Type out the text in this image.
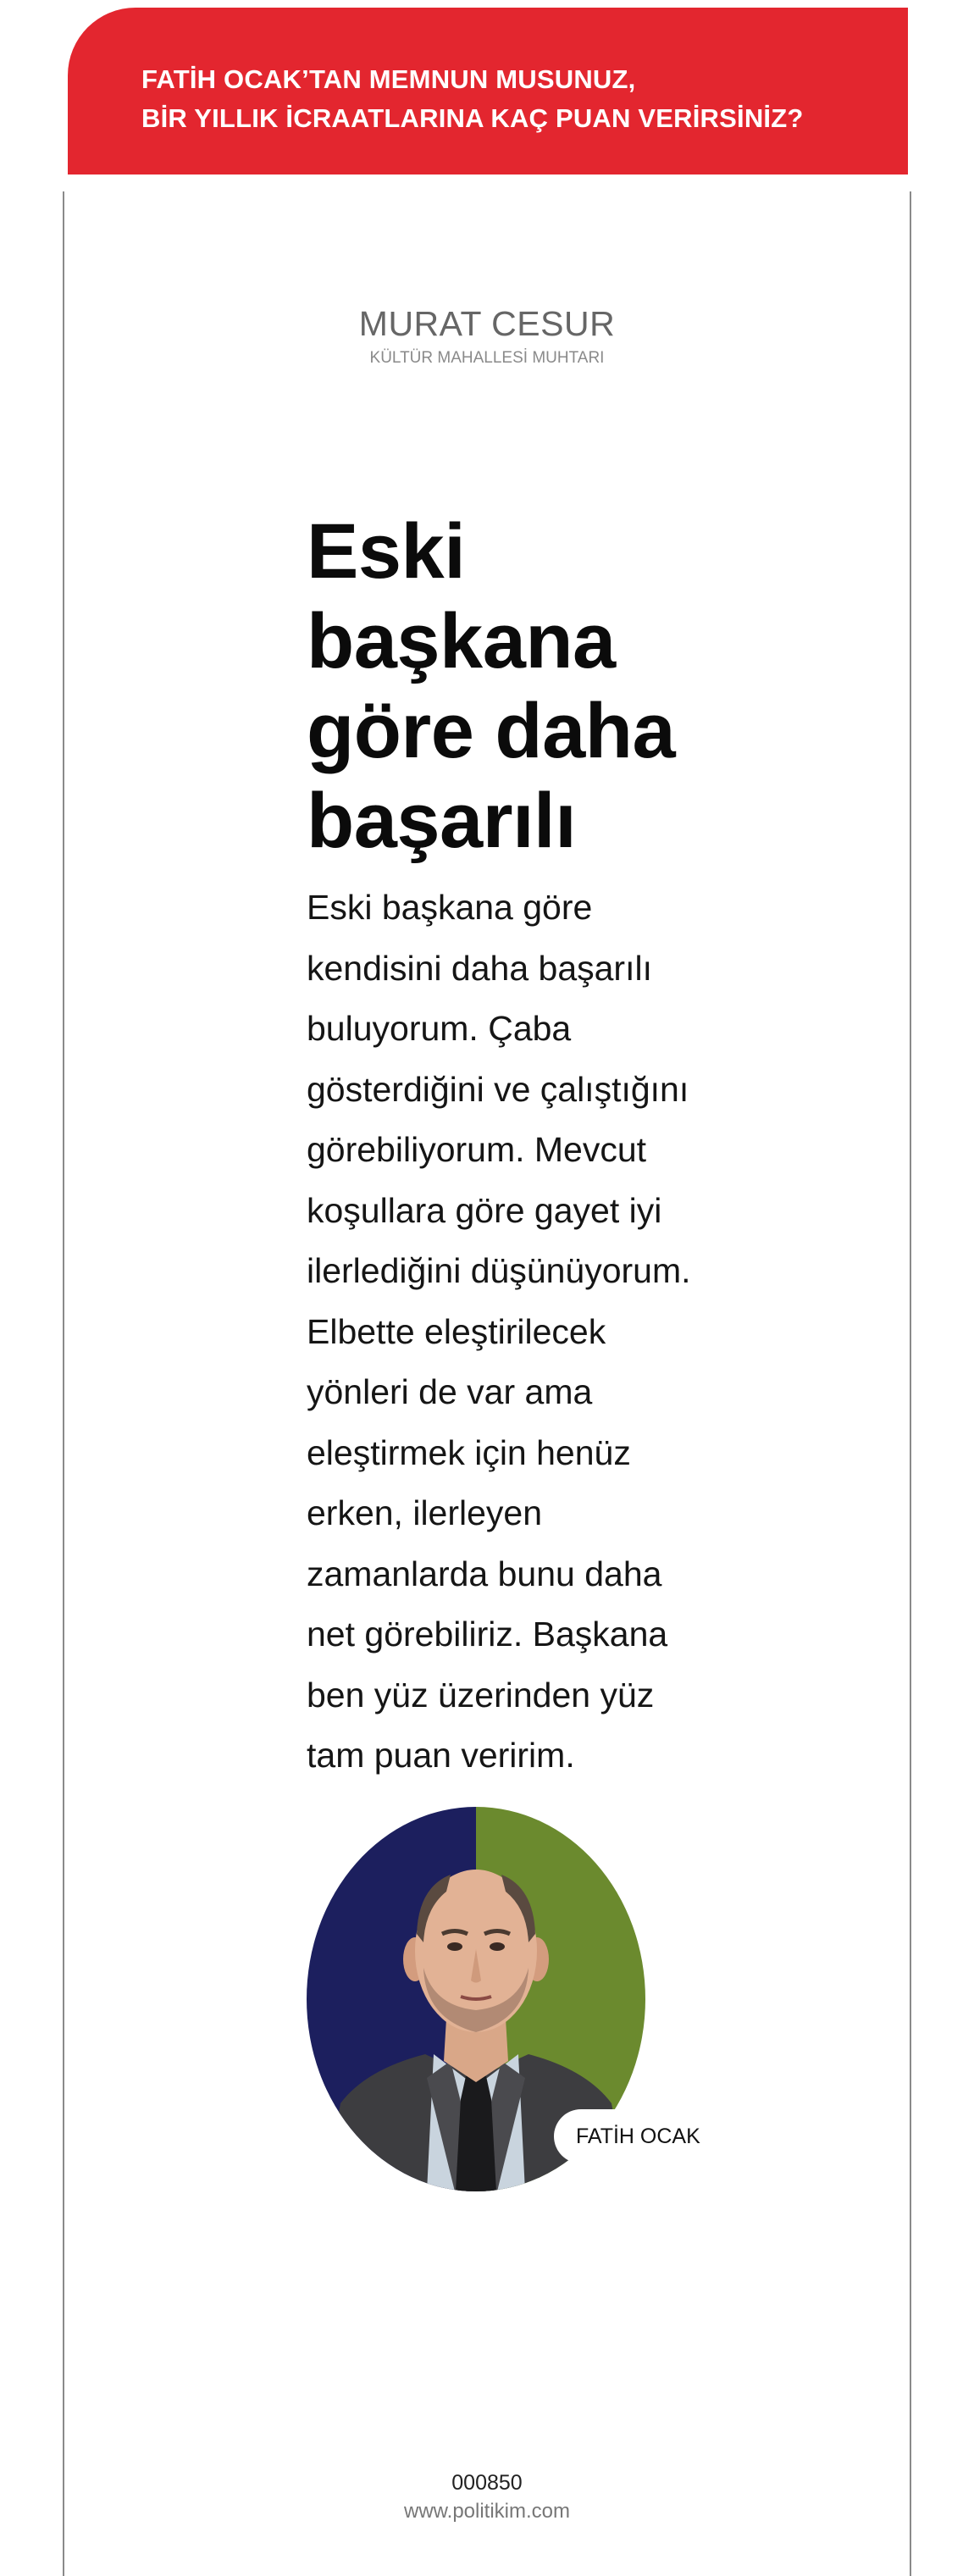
FATİH OCAK’TAN MEMNUN MUSUNUZ,
BİR YILLIK İCRAATLARINA KAÇ PUAN VERİRSİNİZ?
MURAT CESUR
KÜLTÜR MAHALLESİ MUHTARI
Eski başkana göre daha başarılı

Eski başkana göre kendisini daha başarılı buluyorum. Çaba gösterdiğini ve çalıştığını görebiliyorum. Mevcut koşullara göre gayet iyi ilerlediğini düşünüyorum. Elbette eleştirilecek yönleri de var ama eleştirmek için henüz erken, ilerleyen zamanlarda bunu daha net görebiliriz. Başkana ben yüz üzerinden yüz tam puan veririm.

FATİH OCAK
000850
www.politikim.com
